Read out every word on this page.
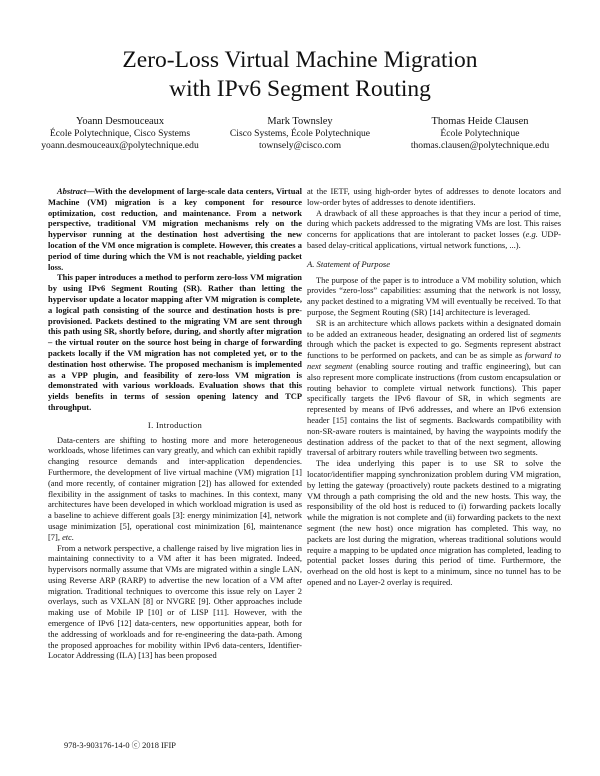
Zero-Loss Virtual Machine Migration
with IPv6 Segment Routing
Yoann Desmouceaux
École Polytechnique, Cisco Systems
yoann.desmouceaux@polytechnique.edu
Mark Townsley
Cisco Systems, École Polytechnique
townsely@cisco.com
Thomas Heide Clausen
École Polytechnique
thomas.clausen@polytechnique.edu

Abstract—With the development of large-scale data centers, Virtual Machine (VM) migration is a key component for resource optimization, cost reduction, and maintenance. From a network perspective, traditional VM migration mechanisms rely on the hypervisor running at the destination host advertising the new location of the VM once migration is complete. However, this creates a period of time during which the VM is not reachable, yielding packet loss.

This paper introduces a method to perform zero-loss VM migration by using IPv6 Segment Routing (SR). Rather than letting the hypervisor update a locator mapping after VM migration is complete, a logical path consisting of the source and destination hosts is pre-provisioned. Packets destined to the migrating VM are sent through this path using SR, shortly before, during, and shortly after migration – the virtual router on the source host being in charge of forwarding packets locally if the VM migration has not completed yet, or to the destination host otherwise. The proposed mechanism is implemented as a VPP plugin, and feasibility of zero-loss VM migration is demonstrated with various workloads. Evaluation shows that this yields benefits in terms of session opening latency and TCP throughput.

I. Introduction

Data-centers are shifting to hosting more and more heterogeneous workloads, whose lifetimes can vary greatly, and which can exhibit rapidly changing resource demands and inter-application dependencies. Furthermore, the development of live virtual machine (VM) migration [1] (and more recently, of container migration [2]) has allowed for extended flexibility in the assignment of tasks to machines. In this context, many architectures have been developed in which workload migration is used as a baseline to achieve different goals [3]: energy minimization [4], network usage minimization [5], operational cost minimization [6], maintenance [7], etc.

From a network perspective, a challenge raised by live migration lies in maintaining connectivity to a VM after it has been migrated. Indeed, hypervisors normally assume that VMs are migrated within a single LAN, using Reverse ARP (RARP) to advertise the new location of a VM after migration. Traditional techniques to overcome this issue rely on Layer 2 overlays, such as VXLAN [8] or NVGRE [9]. Other approaches include making use of Mobile IP [10] or of LISP [11]. However, with the emergence of IPv6 [12] data-centers, new opportunities appear, both for the addressing of workloads and for re-engineering the data-path. Among the proposed approaches for mobility within IPv6 data-centers, Identifier-Locator Addressing (ILA) [13] has been proposed

at the IETF, using high-order bytes of addresses to denote locators and low-order bytes of addresses to denote identifiers.

A drawback of all these approaches is that they incur a period of time, during which packets addressed to the migrating VMs are lost. This raises concerns for applications that are intolerant to packet losses (e.g. UDP-based delay-critical applications, virtual network functions, ...).

A. Statement of Purpose

The purpose of the paper is to introduce a VM mobility solution, which provides “zero-loss” capabilities: assuming that the network is not lossy, any packet destined to a migrating VM will eventually be received. To that purpose, the Segment Routing (SR) [14] architecture is leveraged.

SR is an architecture which allows packets within a designated domain to be added an extraneous header, designating an ordered list of segments through which the packet is expected to go. Segments represent abstract functions to be performed on packets, and can be as simple as forward to next segment (enabling source routing and traffic engineering), but can also represent more complicate instructions (from custom encapsulation or routing behavior to complete virtual network functions). This paper specifically targets the IPv6 flavour of SR, in which segments are represented by means of IPv6 addresses, and where an IPv6 extension header [15] contains the list of segments. Backwards compatibility with non-SR-aware routers is maintained, by having the waypoints modify the destination address of the packet to that of the next segment, allowing traversal of arbitrary routers while travelling between two segments.

The idea underlying this paper is to use SR to solve the locator/identifier mapping synchronization problem during VM migration, by letting the gateway (proactively) route packets destined to a migrating VM through a path comprising the old and the new hosts. This way, the responsibility of the old host is reduced to (i) forwarding packets locally while the migration is not complete and (ii) forwarding packets to the next segment (the new host) once migration has completed. This way, no packets are lost during the migration, whereas traditional solutions would require a mapping to be updated once migration has completed, leading to potential packet losses during this period of time. Furthermore, the overhead on the old host is kept to a minimum, since no tunnel has to be opened and no Layer-2 overlay is required.

978-3-903176-14-0 ⓒ 2018 IFIP
